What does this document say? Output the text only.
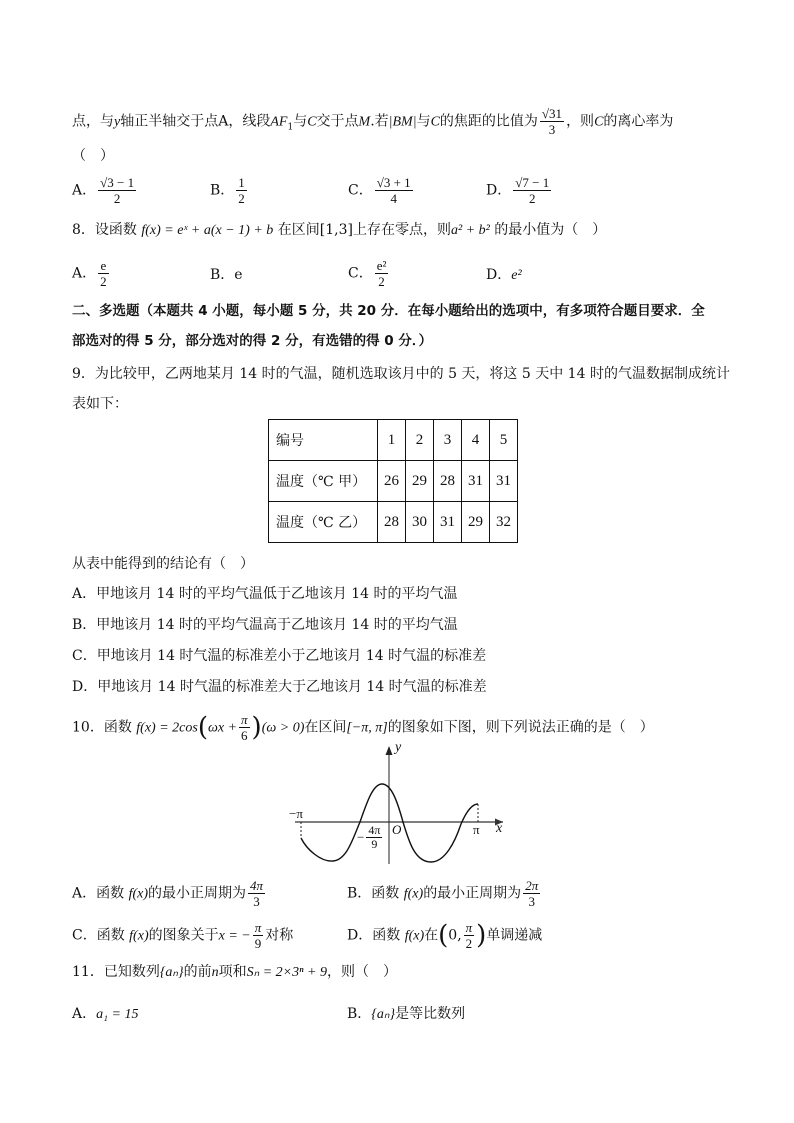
点，与y轴正半轴交于点A，线段$AF_1$与C交于点M.若|BM|与C的焦距的比值为 $\frac{√31}{3}$ ，则C的离心率为
（　）
A． $\frac{√3 - 1}{2}$	B． $\frac{1}{2}$	C． $\frac{√3 + 1}{4}$	D． $\frac{√7 - 1}{2}$
8．设函数 f(x) = eˣ + a(x − 1) + b 在区间[1,3]上存在零点，则a² + b² 的最小值为（　）
A． $\frac{e}{2}$	B．e	C． $\frac{\text{e²}}{2}$	D．e²
二、多选题（本题共 4 小题，每小题 5 分，共 20 分．在每小题给出的选项中，有多项符合题目要求．全
部选对的得 5 分，部分选对的得 2 分，有选错的得 0 分．）
9．为比较甲，乙两地某月 14 时的气温，随机选取该月中的 5 天，将这 5 天中 14 时的气温数据制成统计
表如下：
编号	1	2	3	4	5
温度（℃ 甲）	26	29	28	31	31
温度（℃ 乙）	28	30	31	29	32
从表中能得到的结论有（　）
A．甲地该月 14 时的平均气温低于乙地该月 14 时的平均气温
B．甲地该月 14 时的平均气温高于乙地该月 14 时的平均气温
C．甲地该月 14 时气温的标准差小于乙地该月 14 时气温的标准差
D．甲地该月 14 时气温的标准差大于乙地该月 14 时气温的标准差
10．函数 $f(x) = 2\cos(\omega x + \frac{\pi}{6} )(\omega > 0)$在区间[−π, π]的图象如下图，则下列说法正确的是（　）
y
x
O
−π
π
− $\frac{4\pi}{9}$
A．函数 f(x)的最小正周期为 $\frac{4\pi}{3}$	B．函数 f(x)的最小正周期为 $\frac{2\pi}{3}$
C．函数 f(x)的图象关于x = − $\frac{\pi}{9}$ 对称	D．函数 f(x)在(0, $\frac{\pi}{2}$ )单调递减
11．已知数列{aₙ}的前n项和Sₙ = 2×3ⁿ + 9，则（　）
A．a₁ = 15	B．{aₙ}是等比数列
